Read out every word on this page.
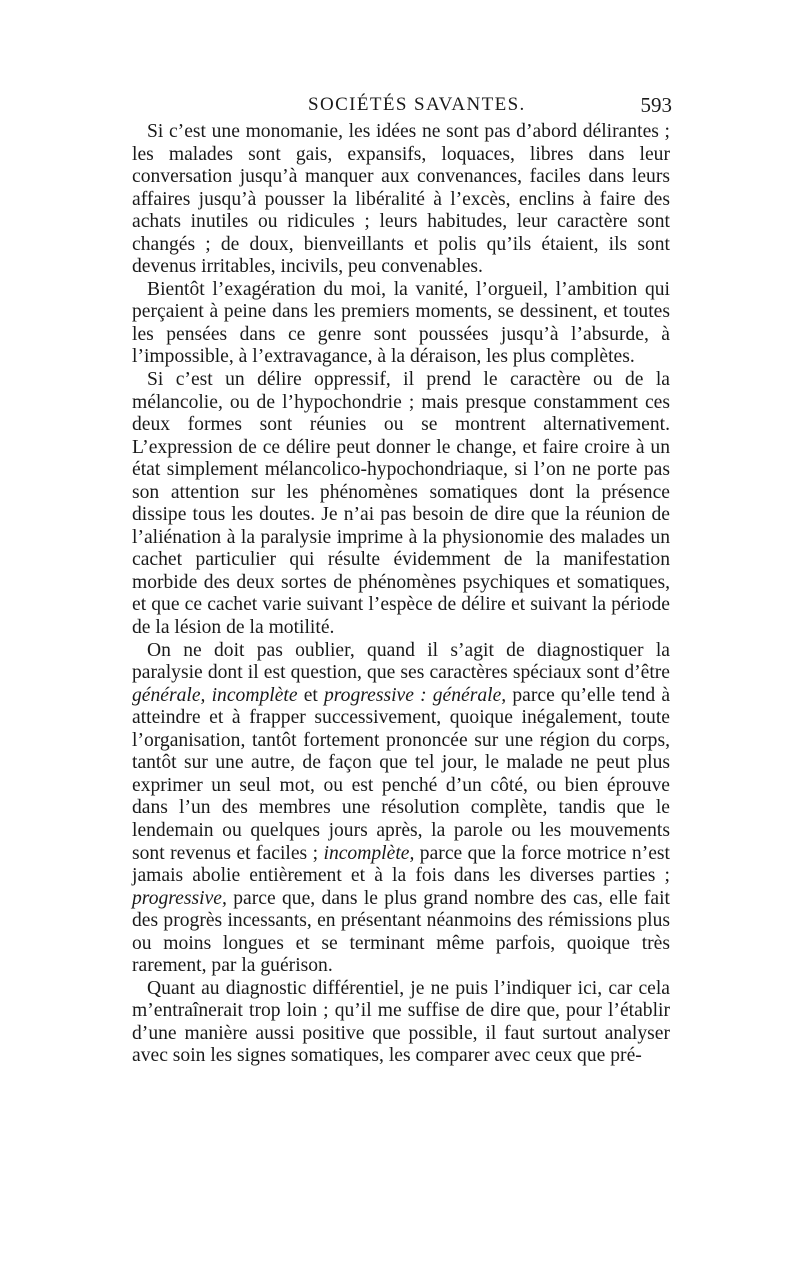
SOCIÉTÉS SAVANTES.	593

Si c’est une monomanie, les idées ne sont pas d’abord délirantes ; les malades sont gais, expansifs, loquaces, libres dans leur conversation jusqu’à manquer aux convenances, faciles dans leurs affaires jusqu’à pousser la libéralité à l’excès, enclins à faire des achats inutiles ou ridicules ; leurs habitudes, leur caractère sont changés ; de doux, bienveillants et polis qu’ils étaient, ils sont devenus irritables, incivils, peu convenables.

Bientôt l’exagération du moi, la vanité, l’orgueil, l’ambition qui perçaient à peine dans les premiers moments, se dessinent, et toutes les pensées dans ce genre sont poussées jusqu’à l’absurde, à l’impossible, à l’extravagance, à la déraison, les plus complètes.

Si c’est un délire oppressif, il prend le caractère ou de la mélancolie, ou de l’hypochondrie ; mais presque constamment ces deux formes sont réunies ou se montrent alternativement. L’expression de ce délire peut donner le change, et faire croire à un état simplement mélancolico-hypochondriaque, si l’on ne porte pas son attention sur les phénomènes somatiques dont la présence dissipe tous les doutes. Je n’ai pas besoin de dire que la réunion de l’aliénation à la paralysie imprime à la physionomie des malades un cachet particulier qui résulte évidemment de la manifestation morbide des deux sortes de phénomènes psychiques et somatiques, et que ce cachet varie suivant l’espèce de délire et suivant la période de la lésion de la motilité.

On ne doit pas oublier, quand il s’agit de diagnostiquer la paralysie dont il est question, que ses caractères spéciaux sont d’être générale, incomplète et progressive : générale, parce qu’elle tend à atteindre et à frapper successivement, quoique inégalement, toute l’organisation, tantôt fortement prononcée sur une région du corps, tantôt sur une autre, de façon que tel jour, le malade ne peut plus exprimer un seul mot, ou est penché d’un côté, ou bien éprouve dans l’un des membres une résolution complète, tandis que le lendemain ou quelques jours après, la parole ou les mouvements sont revenus et faciles ; incomplète, parce que la force motrice n’est jamais abolie entièrement et à la fois dans les diverses parties ; progressive, parce que, dans le plus grand nombre des cas, elle fait des progrès incessants, en présentant néanmoins des rémissions plus ou moins longues et se terminant même parfois, quoique très rarement, par la guérison.

Quant au diagnostic différentiel, je ne puis l’indiquer ici, car cela m’entraînerait trop loin ; qu’il me suffise de dire que, pour l’établir d’une manière aussi positive que possible, il faut surtout analyser avec soin les signes somatiques, les comparer avec ceux que pré-
